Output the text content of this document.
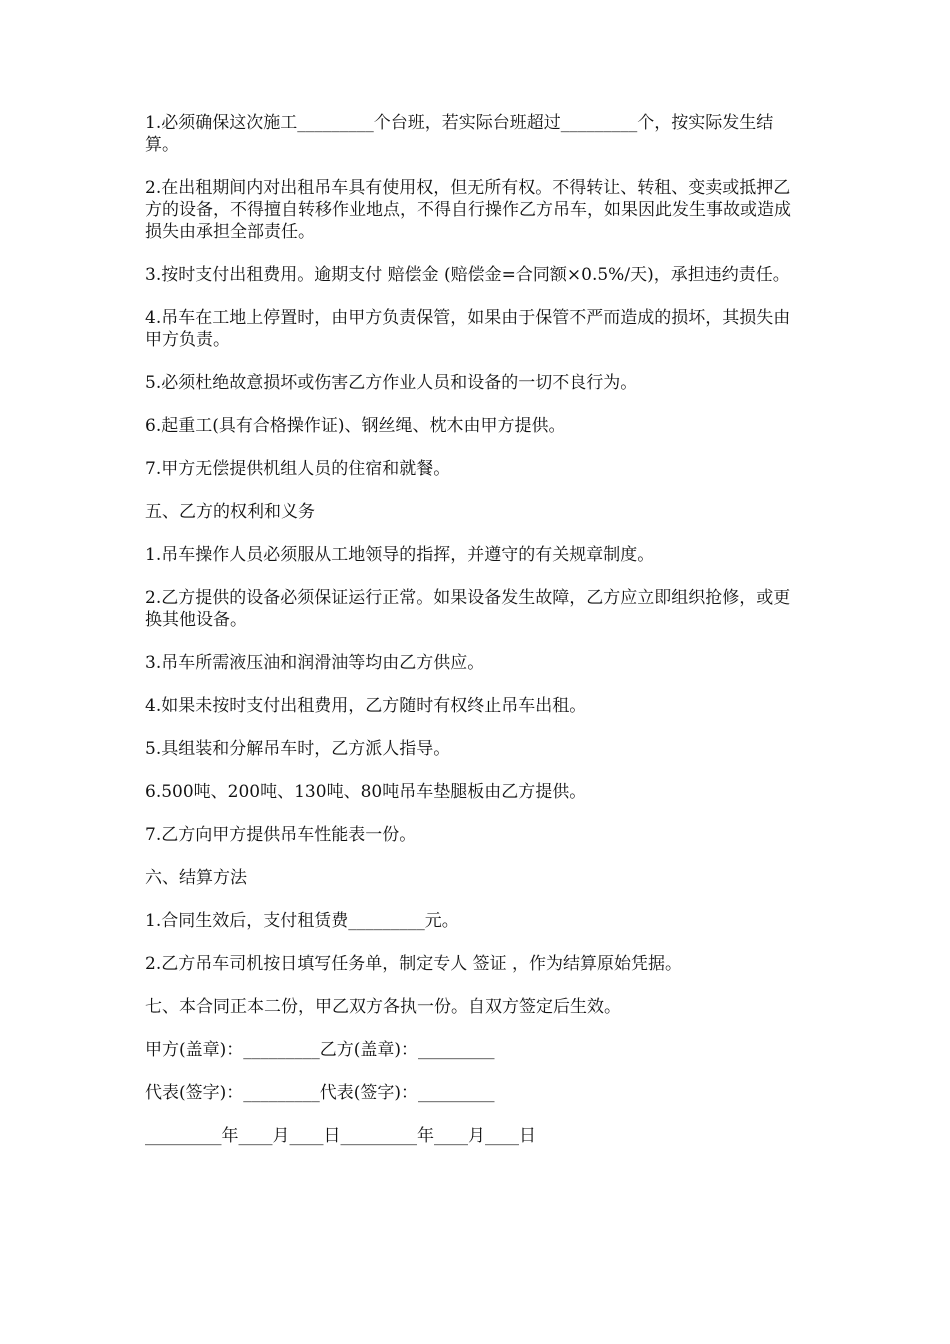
1.必须确保这次施工_________个台班，若实际台班超过_________个，按实际发生结算。

2.在出租期间内对出租吊车具有使用权，但无所有权。不得转让、转租、变卖或抵押乙方的设备，不得擅自转移作业地点，不得自行操作乙方吊车，如果因此发生事故或造成损失由承担全部责任。

3.按时支付出租费用。逾期支付 赔偿金 (赔偿金=合同额×0.5%/天)，承担违约责任。

4.吊车在工地上停置时，由甲方负责保管，如果由于保管不严而造成的损坏，其损失由甲方负责。

5.必须杜绝故意损坏或伤害乙方作业人员和设备的一切不良行为。

6.起重工(具有合格操作证)、钢丝绳、枕木由甲方提供。

7.甲方无偿提供机组人员的住宿和就餐。

五、乙方的权利和义务

1.吊车操作人员必须服从工地领导的指挥，并遵守的有关规章制度。

2.乙方提供的设备必须保证运行正常。如果设备发生故障，乙方应立即组织抢修，或更换其他设备。

3.吊车所需液压油和润滑油等均由乙方供应。

4.如果未按时支付出租费用，乙方随时有权终止吊车出租。

5.具组装和分解吊车时，乙方派人指导。

6.500吨、200吨、130吨、80吨吊车垫腿板由乙方提供。

7.乙方向甲方提供吊车性能表一份。

六、结算方法

1.合同生效后，支付租赁费_________元。

2.乙方吊车司机按日填写任务单，制定专人 签证 ，作为结算原始凭据。

七、本合同正本二份，甲乙双方各执一份。自双方签定后生效。

甲方(盖章)：_________乙方(盖章)：_________

代表(签字)：_________代表(签字)：_________

_________年____月____日_________年____月____日
